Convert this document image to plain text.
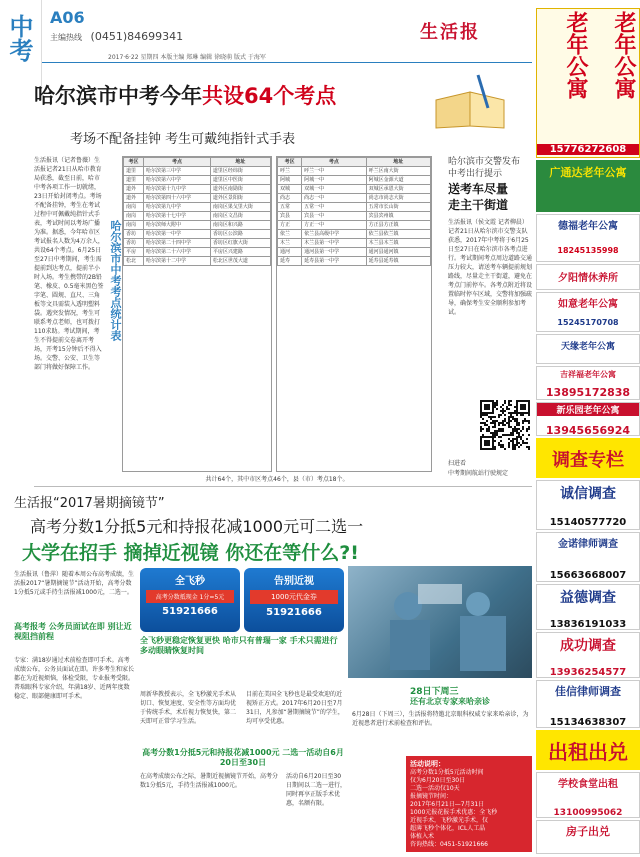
中考 A06
主编热线 (0451)84699341
2017·6·22 星期四 本版主编 郑琳 编辑 徐晓萌 版式 于海军
生活报
哈尔滨市中考今年共设64个考点
考场不配备挂钟 考生可戴纯指针式手表
生活报讯（记者鲁薇）生活报记者21日从哈市教育局获悉，截至日前，哈市中考各项工作一切就绪，23日开始封闭考点。考场不配备挂钟，考生在考试过程中可佩戴纯指针式手表，考试时间以考场广播为准。据悉，今年哈市区考试报名人数为4万余人，共设64个考点。6月25日至27日中考期间，考生需提前到达考点，提前半小时入场。考生携带的2B铅笔、橡皮、0.5毫米黑色签字笔、圆规、直尺、三角板等文具需装入透明塑料袋。遇突发情况，考生可联系考点老师，也可拨打110求助。考试期间，考生不得提前交卷离开考场，开考15分钟后不得入场。交警、公安、卫生等部门将做好保障工作。
哈尔滨市中考考点统计表
考区	考点	地址
道里	哈尔滨第三中学	道里区经纬街
道里	哈尔滨第六中学	道里区中医街
道外	哈尔滨第十九中学	道外区南勋街
道外	哈尔滨第四十六中学	道外区景阳街
南岗	哈尔滨第九中学	南岗区果戈里大街
南岗	哈尔滨第十七中学	南岗区文昌街
南岗	哈尔滨师大附中	南岗区和兴路
香坊	哈尔滨第一中学	香坊区公滨路
香坊	哈尔滨第二十四中学	香坊区红旗大街
平房	哈尔滨第二十六中学	平房区兴建路
松北	哈尔滨第十二中学	松北区世茂大道
考区	考点	地址
呼兰	呼兰一中	呼兰区南大街
阿城	阿城一中	阿城区金源大道
双城	双城一中	双城区承恩大街
尚志	尚志一中	尚志市尚志大街
五常	五常一中	五常市长山街
宾县	宾县一中	宾县宾州镇
方正	方正一中	方正县方正镇
依兰	依兰县高级中学	依兰县依兰镇
木兰	木兰县第一中学	木兰县木兰镇
通河	通河县第一中学	通河县通河镇
延寿	延寿县第一中学	延寿县延寿镇
共计64个，其中市区考点46个，县（市）考点18个。
扫进看
中考期间航站行驶规定
哈尔滨市交警发布
中考出行提示
送考车尽量
走主干街道
生活报讯（侯文霞 记者柳晨）记者21日从哈尔滨市交警支队获悉，2017年中考将于6月25日至27日在哈尔滨市各考点进行。考试期间考点周边道路交通压力较大，请送考车辆提前规划路线，尽量走主干街道，避免在考点门前停车。各考点附近将设置临时停车区域，交警将加强疏导，确保考生安全顺利参加考试。
生活报“2017暑期摘镜节”
高考分数1分抵5元和持报花减1000元可二选一
大学在招手 摘掉近视镜 你还在等什么?!
生活报讯（鲁萍）随着本周公布高考成绩，生活报2017“暑期摘镜节”活动开始，高考分数1分抵5元或手持生活报减1000元，二选一。
全飞秒
高考分数抵现金 1分=5元
51921666
告别近视
1000元代金券
51921666
全飞秒更稳定恢复更快 哈市只有普瑞一家 手术只需进行 多动眼睛恢复时间
高考报考 公务员面试在即 别让近视阻挡前程
专家：满18岁通过术前检查即可手术。高考成绩公布，公务员面试在即。许多考生和家长都在为近视烦恼，体检受限，专业报考受限。普瑞眼科专家介绍，年满18岁、近两年度数稳定、眼部健康即可手术。	周新华教授表示，全飞秒激光手术从切口、恢复速度、安全性等方面均优于传统手术，术后视力恢复快，第二天即可正常学习生活。
目前在美国全飞秒也是最受欢迎的近视矫正方式。2017年6月20日至7月31日，凡参加“暑期摘镜节”的学生，均可享受优惠。
高考分数1分抵5元和持报花减1000元 二选一活动自6月20日至30日
在高考成绩公布之际，暑期近视摘镜节开始，高考分数1分抵5元，手持生活报减1000元。
活动自6月20日至30日期间以二选一进行，同时再享正版手术优惠，名额有限。
28日下周三
还有北京专家来哈亲诊
6月28日（下周三），生活报将特邀北京眼科权威专家来哈亲诊，为近视患者进行术前检查和评估。
活动说明：
高考分数1分抵5元活动时间
仅为6月20日至30日
二选一活动仅10天
报摘镜节时间：
2017年6月21日—7月31日
1000元报花报手术优惠：全飞秒
近视手术，飞秒激光手术，仅
超薄飞秒个体化，ICL人工晶
体植入术
咨询热线：0451-51921666
老年公寓	老年公寓
15776272608
广通达老年公寓
德福老年公寓
18245135998
夕阳情休养所
如意老年公寓
15245170708
天缘老年公寓
吉祥福老年公寓
13895172838
新乐园老年公寓
13945656924
调查专栏
诚信调查
15140577720
金诺律师调查
15663668007
益德调查
13836191033
成功调查
13936254577
佳信律师调查
15134638307
出租出兑
学校食堂出租
13100995062
房子出兑
